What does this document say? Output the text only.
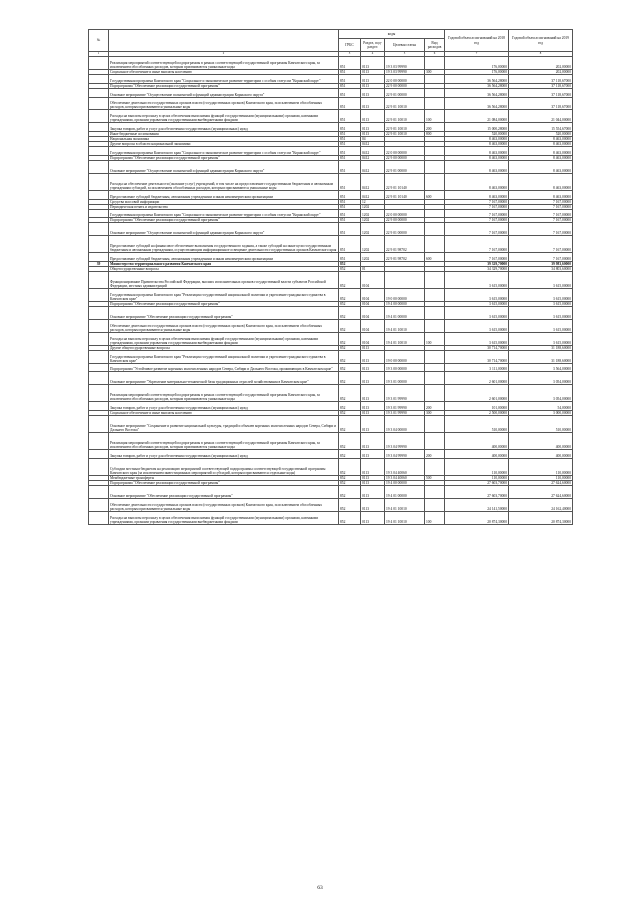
№		коды				Годовой объем ассигнований на 2018 год	Годовой объем ассигнований на 2019 год
		ГРБС	Раздел, под-раздел	Целевая статья	Вид расходов		
1	2	3	4	5	6	7	8
	Реализация мероприятий соответствующей подпрограммы в рамках соответствующей государственной программы Камчатского края, за исключением обособленных расходов, которым присваиваются уникальные коды	851	0113	19 3 03 99990		176,00000	202,00000
	Социальное обеспечение и иные выплаты населению	851	0113	19 3 03 99990	300	176,00000	202,00000
	Государственная программа Камчатского края "Социальное и экономическое развитие территории с особым статусом "Корякский округ"	851	0113	22 0 00 00000		36 564,28000	37 118,67000
	Подпрограмма "Обеспечение реализации государственной программы"	851	0113	22 9 00 00000		36 564,28000	37 118,67000
	Основное мероприятие "Осуществление полномочий и функций администрации Корякского округа"	851	0113	22 9 01 00000		36 564,28000	37 118,67000
	Обеспечение деятельности государственных органов власти (государственных органов) Камчатского края, за исключением обособленных расходов, которым присваиваются уникальные коды	851	0113	22 9 01 10010		36 564,28000	37 118,67000
	Расходы на выплаты персоналу в целях обеспечения выполнения функций государственными (муниципальными) органами, казенными учреждениями, органами управления государственными внебюджетными фондами	851	0113	22 9 01 10010	100	21 084,00000	21 044,00000
	Закупка товаров, работ и услуг для обеспечения государственных (муниципальных) нужд	851	0113	22 9 01 10010	200	15 000,28000	15 554,67000
	Иные бюджетные ассигнования	851	0113	22 9 01 10010	800	520,00000	520,00000
	Национальная экономика	851	04			8 463,00000	8 463,00000
	Другие вопросы в области национальной экономики	851	0412			8 463,00000	8 463,00000
	Государственная программа Камчатского края "Социальное и экономическое развитие территории с особым статусом "Корякский округ"	851	0412	22 0 00 00000		8 463,00000	8 463,00000
	Подпрограмма "Обеспечение реализации государственной программы"	851	0412	22 9 00 00000		8 463,00000	8 463,00000
	Основное мероприятие "Осуществление полномочий и функций администрации Корякского округа"	851	0412	22 9 01 00000		8 463,00000	8 463,00000
	Расходы на обеспечение деятельности (оказание услуг) учреждений, в том числе на предоставление государственным бюджетным и автономным учреждениям субсидий, за исключением обособленных расходов, которым присваиваются уникальные коды	851	0412	22 9 01 10140		8 463,00000	8 463,00000
	Предоставление субсидий бюджетным, автономным учреждениям и иным некоммерческим организациям	851	0412	22 9 01 10140	600	8 463,00000	8 463,00000
	Средства массовой информации	851	12			7 167,00000	7 167,00000
	Периодическая печать и издательства	851	1202			7 167,00000	7 167,00000
	Государственная программа Камчатского края "Социальное и экономическое развитие территории с особым статусом "Корякский округ"	851	1202	22 0 00 00000		7 167,00000	7 167,00000
	Подпрограмма "Обеспечение реализации государственной программы"	851	1202	22 9 00 00000		7 167,00000	7 167,00000
	Основное мероприятие "Осуществление полномочий и функций администрации Корякского округа"	851	1202	22 9 01 00000		7 167,00000	7 167,00000
	Предоставление субсидий на финансовое обеспечение выполнения государственного задания, а также субсидий на иные цели государственным бюджетным и автономным учреждениям, осуществляющим информационное освещение деятельности государственных органов Камчатского края	851	1202	22 9 01 98702		7 167,00000	7 167,00000
	Предоставление субсидий бюджетным, автономным учреждениям и иным некоммерческим организациям	851	1202	22 9 01 98702	600	7 167,00000	7 167,00000
39	Министерство территориального развития Камчатского края	852				39 329,70000	39 983,60000
	Общегосударственные вопросы	852	01			34 329,70000	34 803,60000
	Функционирование Правительства Российской Федерации, высших исполнительных органов государственной власти субъектов Российской Федерации, местных администраций	852	0104			3 615,00000	3 615,00000
	Государственная программа Камчатского края "Реализация государственной национальной политики и укрепление гражданского единства в Камчатском крае"	852	0104	19 0 00 00000		3 615,00000	3 615,00000
	Подпрограмма "Обеспечение реализации государственной программы"	852	0104	19 4 00 00000		3 615,00000	3 615,00000
	Основное мероприятие "Обеспечение реализации государственной программы"	852	0104	19 4 01 00000		3 615,00000	3 615,00000
	Обеспечение деятельности государственных органов власти (государственных органов) Камчатского края, за исключением обособленных расходов, которым присваиваются уникальные коды	852	0104	19 4 01 10010		3 615,00000	3 615,00000
	Расходы на выплаты персоналу в целях обеспечения выполнения функций государственными (муниципальными) органами, казенными учреждениями, органами управления государственными внебюджетными фондами	852	0104	19 4 01 10010	100	3 615,00000	3 615,00000
	Другие общегосударственные вопросы	852	0113			30 714,70000	31 188,60000
	Государственная программа Камчатского края "Реализация государственной национальной политики и укрепление гражданского единства в Камчатском крае"	852	0113	19 0 00 00000		30 714,70000	31 188,60000
	Подпрограмма "Устойчивое развитие коренных малочисленных народов Севера, Сибири и Дальнего Востока, проживающих в Камчатском крае"	852	0113	19 3 00 00000		3 111,00000	3 564,00000
	Основное мероприятие "Укрепление материально-технической базы традиционных отраслей хозяйствования в Камчатском крае"	852	0113	19 3 01 00000		2 601,00000	3 054,00000
	Реализация мероприятий соответствующей подпрограммы в рамках соответствующей государственной программы Камчатского края, за исключением обособленных расходов, которым присваиваются уникальные коды	852	0113	19 3 01 99990		2 601,00000	3 054,00000
	Закупка товаров, работ и услуг для обеспечения государственных (муниципальных) нужд	852	0113	19 3 01 99990	200	101,00000	54,00000
	Социальное обеспечение и иные выплаты населению	852	0113	19 3 01 99990	300	2 500,00000	3 000,00000
	Основное мероприятие "Сохранение и развитие национальной культуры, традиций и обычаев коренных малочисленных народов Севера, Сибири и Дальнего Востока"	852	0113	19 3 04 00000		510,00000	510,00000
	Реализация мероприятий соответствующей подпрограммы в рамках соответствующей государственной программы Камчатского края, за исключением обособленных расходов, которым присваиваются уникальные коды	852	0113	19 3 04 99990		400,00000	400,00000
	Закупка товаров, работ и услуг для обеспечения государственных (муниципальных) нужд	852	0113	19 3 04 99990	200	400,00000	400,00000
	Субсидии местным бюджетам на реализацию мероприятий соответствующей подпрограммы соответствующей государственной программы Камчатского края (за исключением инвестиционных мероприятий и субсидий, которым присваиваются отдельные коды)	852	0113	19 3 04 40060		110,00000	110,00000
	Межбюджетные трансферты	852	0113	19 3 04 40060	500	110,00000	110,00000
	Подпрограмма "Обеспечение реализации государственной программы"	852	0113	19 4 00 00000		27 603,70000	27 624,60000
	Основное мероприятие "Обеспечение реализации государственной программы"	852	0113	19 4 01 00000		27 603,70000	27 624,60000
	Обеспечение деятельности государственных органов власти (государственных органов) Камчатского края, за исключением обособленных расходов, которым присваиваются уникальные коды	852	0113	19 4 01 10010		24 141,50000	24 162,40000
	Расходы на выплаты персоналу в целях обеспечения выполнения функций государственными (муниципальными) органами, казенными учреждениями, органами управления государственными внебюджетными фондами	852	0113	19 4 01 10010	100	20 874,30000	20 874,30000
63
